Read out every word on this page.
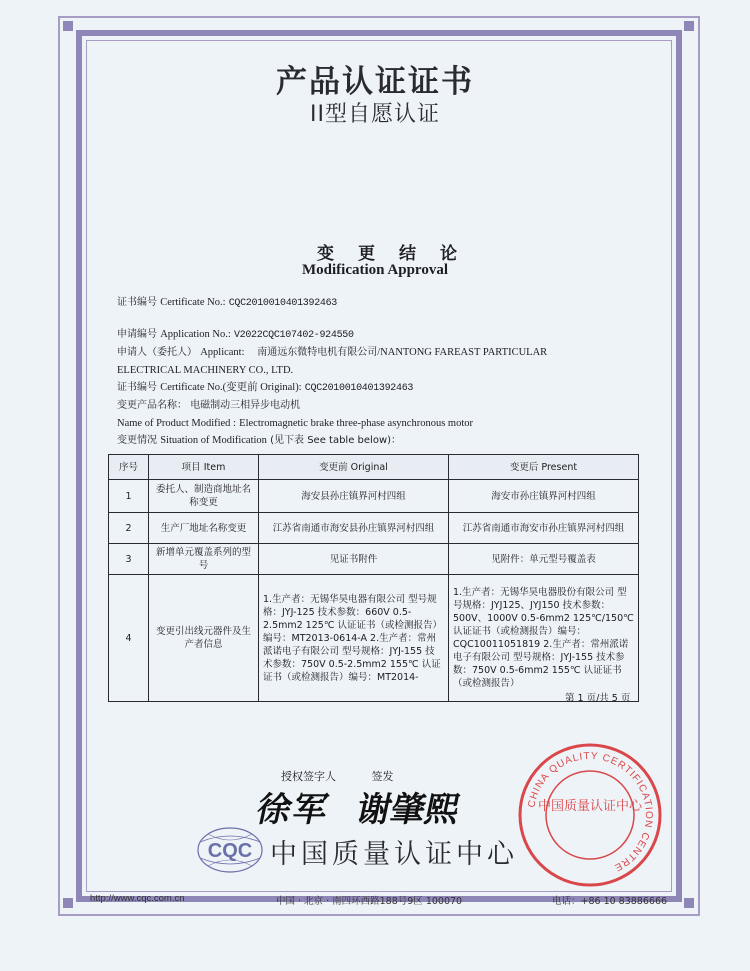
产品认证证书
II型自愿认证
变更结论
Modification Approval
证书编号 Certificate No.: CQC2010010401392463
申请编号 Application No.: V2022CQC107402-924550
申请人（委托人） Applicant: 南通远东微特电机有限公司/NANTONG FAREAST PARTICULAR
ELECTRICAL MACHINERY CO., LTD.
证书编号 Certificate No.(变更前 Original): CQC2010010401392463
变更产品名称： 电磁制动三相异步电动机
Name of Product Modified : Electromagnetic brake three-phase asynchronous motor
变更情况 Situation of Modification (见下表 See table below)：
序号	项目 Item	变更前 Original	变更后 Present
1	委托人、制造商地址名称变更	海安县孙庄镇界河村四组	海安市孙庄镇界河村四组
2	生产厂地址名称变更	江苏省南通市海安县孙庄镇界河村四组	江苏省南通市海安市孙庄镇界河村四组
3	新增单元覆盖系列的型号	见证书附件	见附件：单元型号覆盖表
4	变更引出线元器件及生产者信息	1.生产者：无锡华昊电器有限公司 型号规格：JYJ-125 技术参数：660V 0.5-2.5mm2 125℃ 认证证书（或检测报告）编号：MT2013-0614-A 2.生产者：常州派诺电子有限公司 型号规格：JYJ-155 技术参数：750V 0.5-2.5mm2 155℃ 认证证书（或检测报告）编号：MT2014-	1.生产者：无锡华昊电器股份有限公司 型号规格：JYJ125、JYJ150 技术参数：500V、1000V 0.5-6mm2 125℃/150℃ 认证证书（或检测报告）编号：CQC10011051819 2.生产者：常州派诺电子有限公司 型号规格：JYJ-155 技术参数：750V 0.5-6mm2 155℃ 认证证书（或检测报告）
第 1 页/共 5 页
授权签字人	签发
徐军 谢肇熙
CQC 中国质量认证中心
CHINA QUALITY CERTIFICATION CENTRE
中国质量认证中心
http://www.cqc.com.cn	中国 · 北京 · 南四环西路188号9区 100070	电话：+86 10 83886666
